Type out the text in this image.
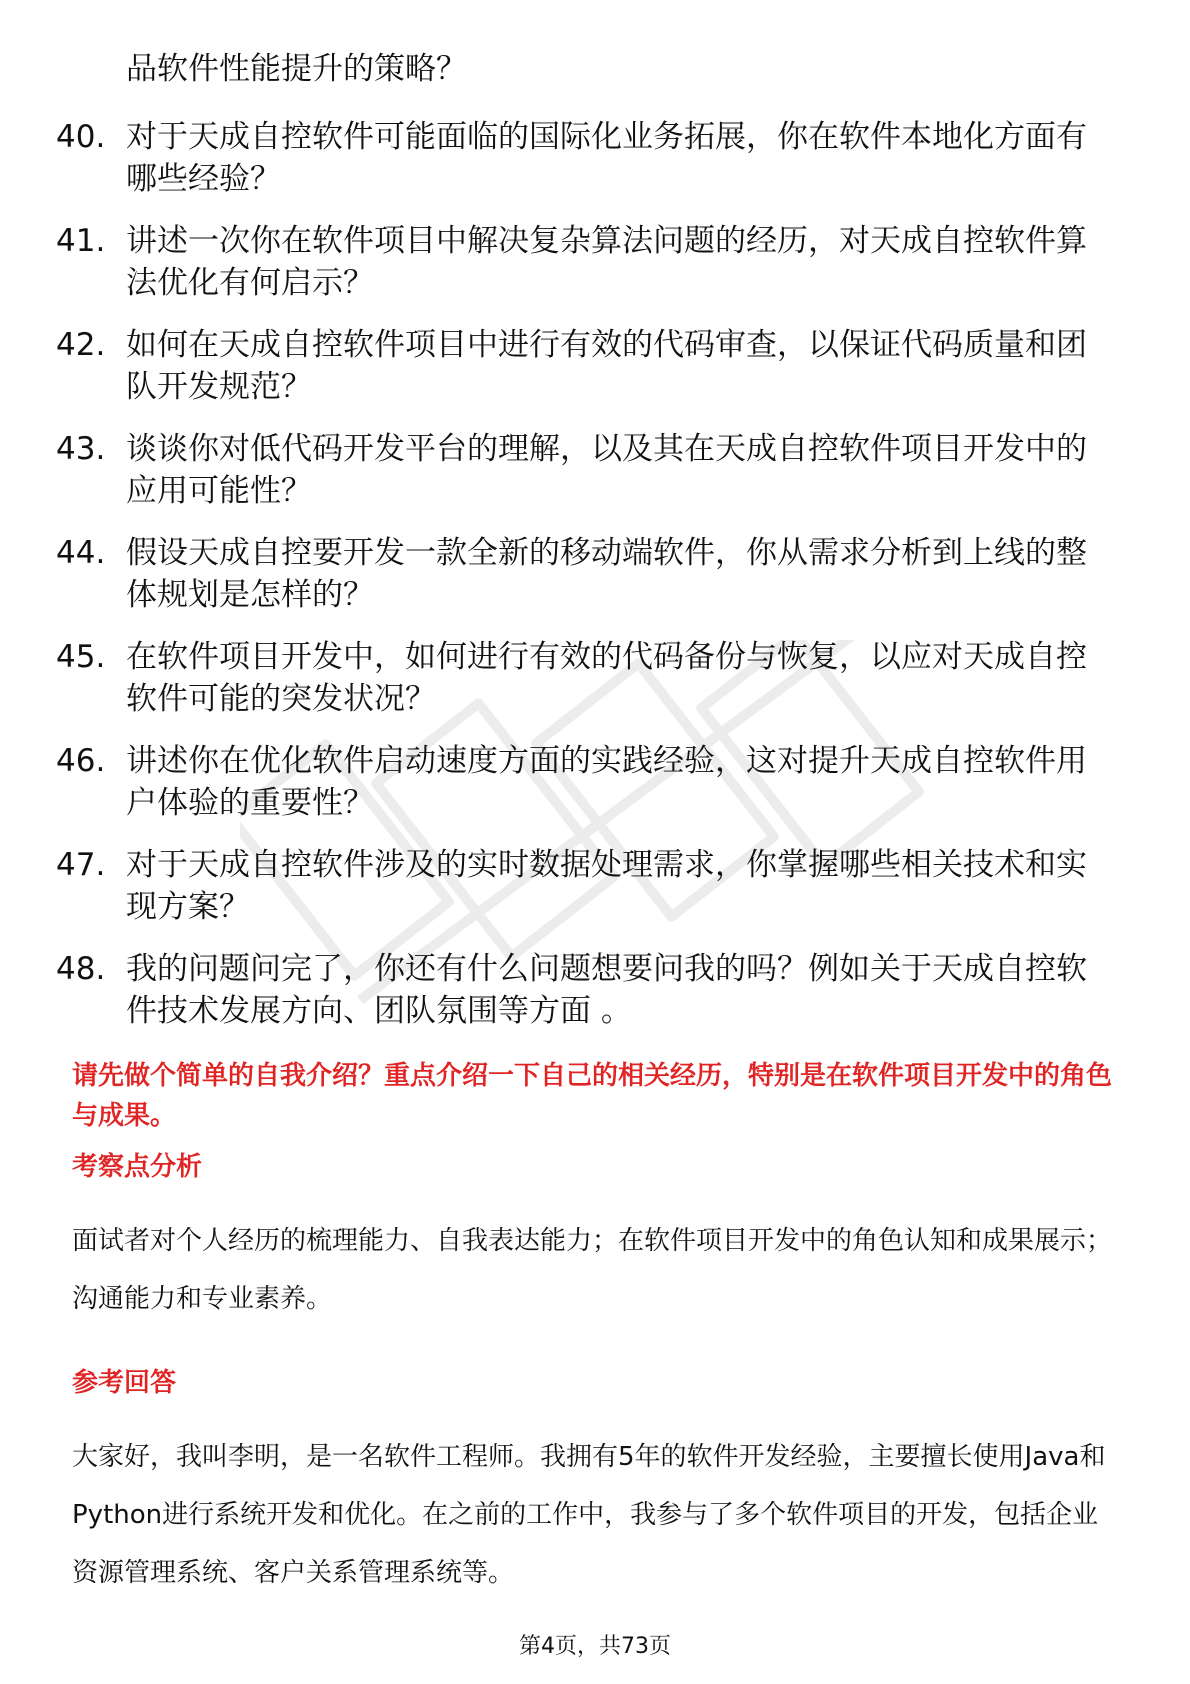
品软件性能提升的策略？

40. 对于天成自控软件可能面临的国际化业务拓展，你在软件本地化方面有哪些经验？
41. 讲述一次你在软件项目中解决复杂算法问题的经历，对天成自控软件算法优化有何启示？
42. 如何在天成自控软件项目中进行有效的代码审查，以保证代码质量和团队开发规范？
43. 谈谈你对低代码开发平台的理解，以及其在天成自控软件项目开发中的应用可能性？
44. 假设天成自控要开发一款全新的移动端软件，你从需求分析到上线的整体规划是怎样的？
45. 在软件项目开发中，如何进行有效的代码备份与恢复，以应对天成自控软件可能的突发状况？
46. 讲述你在优化软件启动速度方面的实践经验，这对提升天成自控软件用户体验的重要性？
47. 对于天成自控软件涉及的实时数据处理需求，你掌握哪些相关技术和实现方案？
48. 我的问题问完了，你还有什么问题想要问我的吗？例如关于天成自控软件技术发展方向、团队氛围等方面 。

请先做个简单的自我介绍？重点介绍一下自己的相关经历，特别是在软件项目开发中的角色与成果。

考察点分析

面试者对个人经历的梳理能力、自我表达能力；在软件项目开发中的角色认知和成果展示；沟通能力和专业素养。

参考回答

大家好，我叫李明，是一名软件工程师。我拥有5年的软件开发经验，主要擅长使用Java和Python进行系统开发和优化。在之前的工作中，我参与了多个软件项目的开发，包括企业资源管理系统、客户关系管理系统等。

第4页，共73页
